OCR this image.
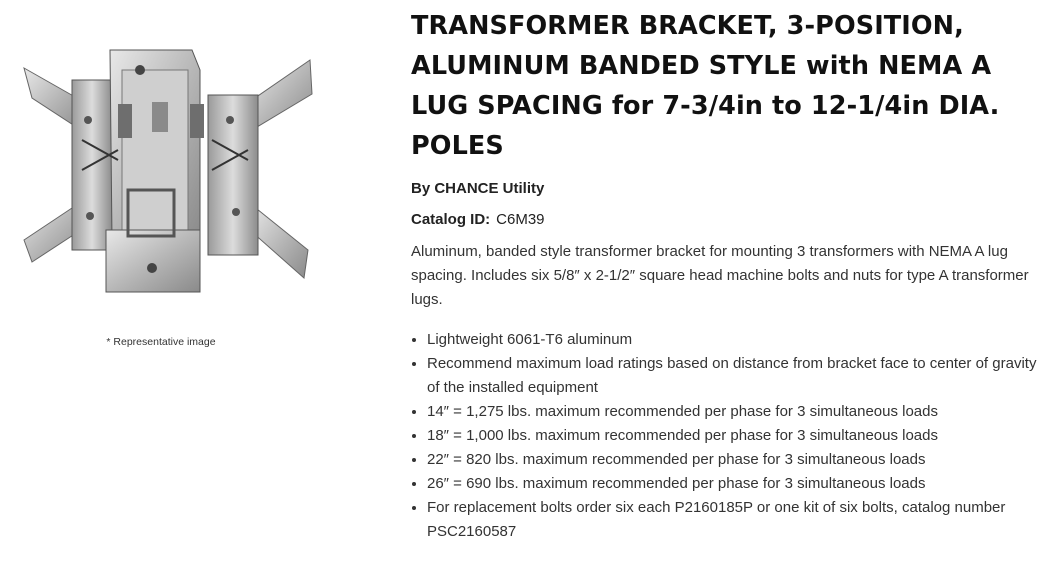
* Representative image
TRANSFORMER BRACKET, 3-POSITION, ALUMINUM BANDED STYLE with NEMA A LUG SPACING for 7-3/4in to 12-1/4in DIA. POLES
By CHANCE Utility
Catalog ID: C6M39
Aluminum, banded style transformer bracket for mounting 3 transformers with NEMA A lug spacing. Includes six 5/8″ x 2-1/2″ square head machine bolts and nuts for type A transformer lugs.
• Lightweight 6061-T6 aluminum
• Recommend maximum load ratings based on distance from bracket face to center of gravity of the installed equipment
• 14″ = 1,275 lbs. maximum recommended per phase for 3 simultaneous loads
• 18″ = 1,000 lbs. maximum recommended per phase for 3 simultaneous loads
• 22″ = 820 lbs. maximum recommended per phase for 3 simultaneous loads
• 26″ = 690 lbs. maximum recommended per phase for 3 simultaneous loads
• For replacement bolts order six each P2160185P or one kit of six bolts, catalog number PSC2160587
